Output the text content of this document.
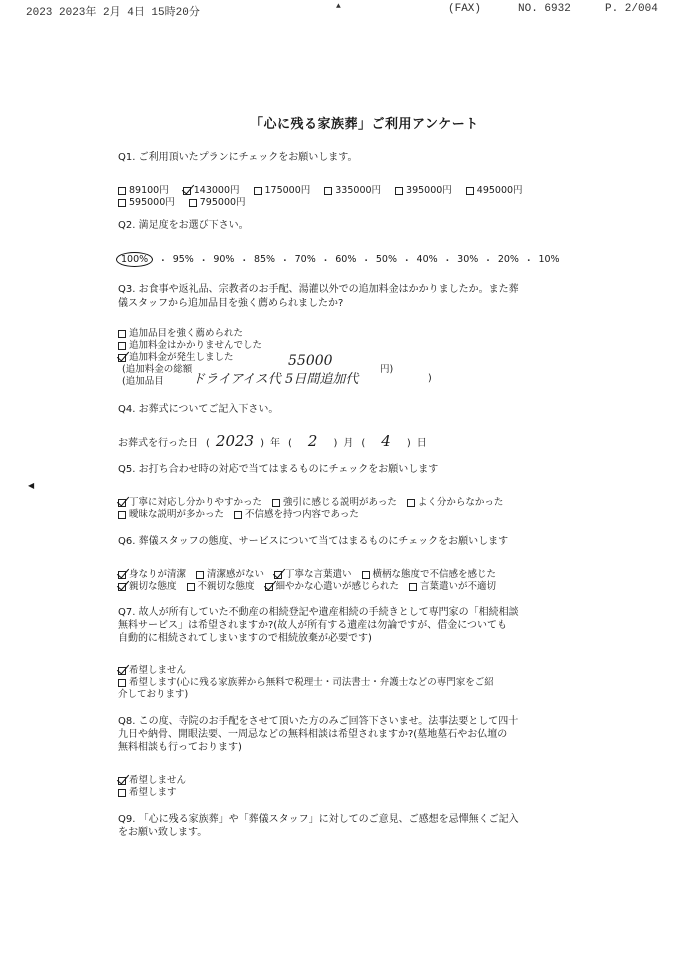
2023 2023年 2月 4日 15時20分
▲	(FAX)	NO. 6932	P. 2/004
「心に残る家族葬」ご利用アンケート
Q1. ご利用頂いたプランにチェックをお願いします。
89100円	143000円	175000円	335000円	395000円	495000円
595000円	795000円
Q2. 満足度をお選び下さい。
100%	・ 95% ・ 90% ・ 85% ・ 70% ・ 60% ・ 50% ・ 40% ・ 30% ・ 20% ・ 10%
Q3. お食事や返礼品、宗教者のお手配、湯灌以外での追加料金はかかりましたか。また葬
儀スタッフから追加品目を強く薦められましたか?
追加品目を強く薦められた
追加料金はかかりませんでした
追加料金が発生しました
(追加料金の総額
55000
円)
(追加品目 ドライアイス代 5日間追加代	)
Q4. お葬式についてご記入下さい。
お葬式を行った日 ( 2023 ) 年 ( 2 ) 月 ( 4 ) 日
Q5. お打ち合わせ時の対応で当てはまるものにチェックをお願いします
丁寧に対応し分かりやすかった	強引に感じる説明があった	よく分からなかった
曖昧な説明が多かった	不信感を持つ内容であった
◀
Q6. 葬儀スタッフの態度、サービスについて当てはまるものにチェックをお願いします
身なりが清潔	清潔感がない	丁寧な言葉遣い	横柄な態度で不信感を感じた
親切な態度	不親切な態度	細やかな心遣いが感じられた	言葉遣いが不適切
Q7. 故人が所有していた不動産の相続登記や遺産相続の手続きとして専門家の「相続相談
無料サービス」は希望されますか?(故人が所有する遺産は勿論ですが、借金についても
自動的に相続されてしまいますので相続放棄が必要です)
希望しません
希望します(心に残る家族葬から無料で税理士・司法書士・弁護士などの専門家をご紹
介しております)
Q8. この度、寺院のお手配をさせて頂いた方のみご回答下さいませ。法事法要として四十
九日や納骨、開眼法要、一周忌などの無料相談は希望されますか?(墓地墓石やお仏壇の
無料相談も行っております)
希望しません
希望します
Q9. 「心に残る家族葬」や「葬儀スタッフ」に対してのご意見、ご感想を忌憚無くご記入
をお願い致します。
